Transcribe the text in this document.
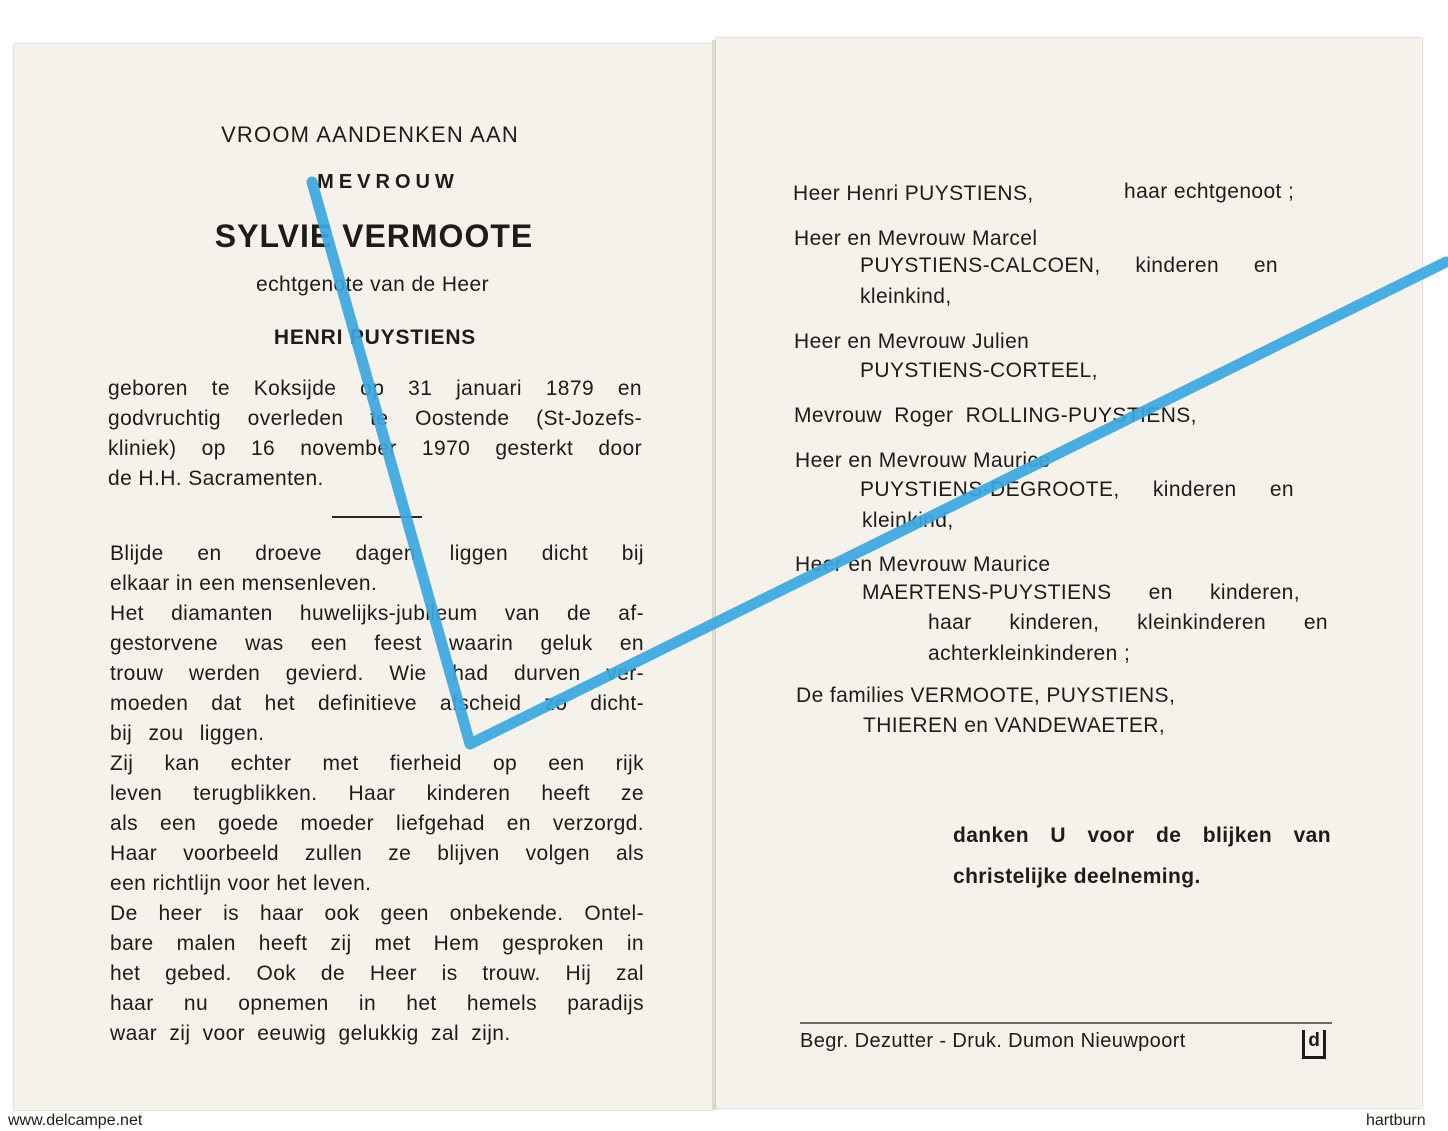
VROOM AANDENKEN AAN
MEVROUW
SYLVIE VERMOOTE
echtgenote van de Heer
HENRI PUYSTIENS
geboren te Koksijde op 31 januari 1879 en
godvruchtig overleden te Oostende (St-Jozefs-
kliniek) op 16 november 1970 gesterkt door
de H.H. Sacramenten.
Blijde en droeve dagen liggen dicht bij
elkaar in een mensenleven.
Het diamanten huwelijks-jubileum van de af-
gestorvene was een feest waarin geluk en
trouw werden gevierd. Wie had durven ver-
moeden dat het definitieve afscheid zo dicht-
bij zou liggen.
Zij kan echter met fierheid op een rijk
leven terugblikken. Haar kinderen heeft ze
als een goede moeder liefgehad en verzorgd.
Haar voorbeeld zullen ze blijven volgen als
een richtlijn voor het leven.
De heer is haar ook geen onbekende. Ontel-
bare malen heeft zij met Hem gesproken in
het gebed. Ook de Heer is trouw. Hij zal
haar nu opnemen in het hemels paradijs
waar zij voor eeuwig gelukkig zal zijn.
Heer Henri PUYSTIENS,	haar echtgenoot ;
Heer en Mevrouw Marcel
PUYSTIENS-CALCOEN, kinderen en
kleinkind,
Heer en Mevrouw Julien
PUYSTIENS-CORTEEL,
Mevrouw Roger ROLLING-PUYSTIENS,
Heer en Mevrouw Maurice
PUYSTIENS-DEGROOTE, kinderen en
kleinkind,
Heer en Mevrouw Maurice
MAERTENS-PUYSTIENS en kinderen,
haar kinderen, kleinkinderen en
achterkleinkinderen ;
De families VERMOOTE, PUYSTIENS,
THIEREN en VANDEWAETER,
danken U voor de blijken van
christelijke deelneming.
Begr. Dezutter - Druk. Dumon Nieuwpoort	d
www.delcampe.net	hartburn
